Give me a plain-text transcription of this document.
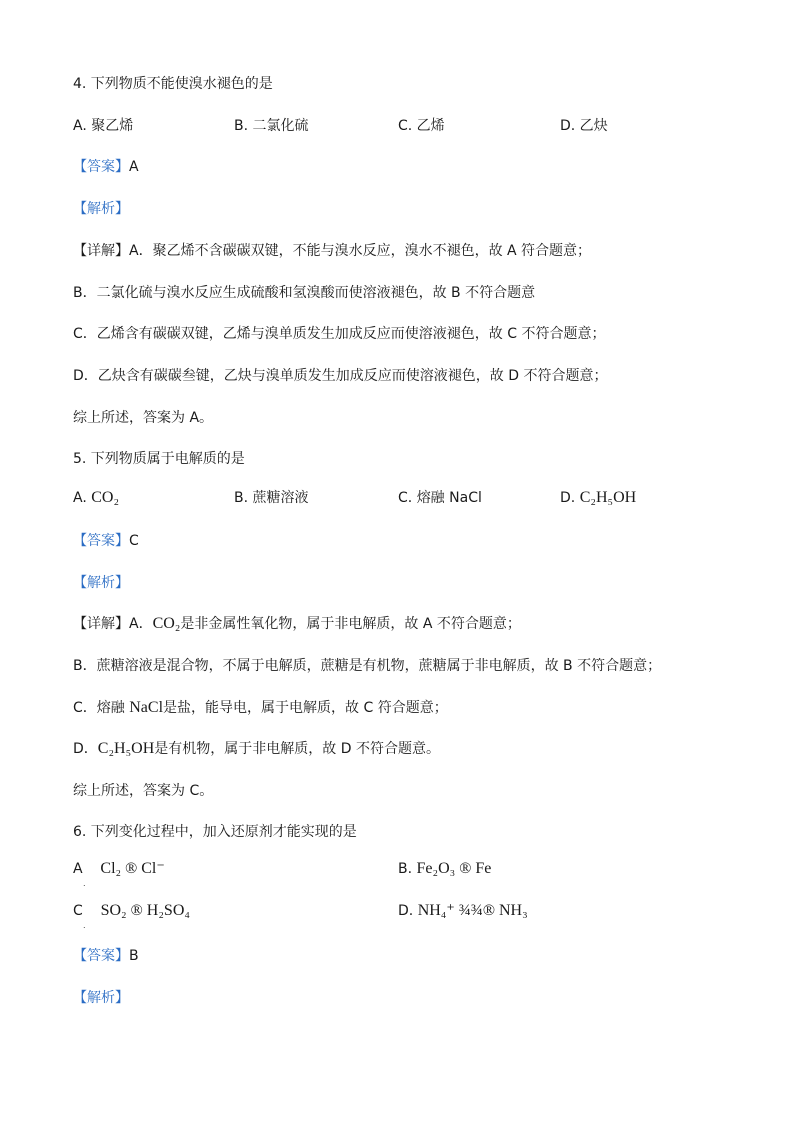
4. 下列物质不能使溴水褪色的是
A. 聚乙烯	B. 二氯化硫	C. 乙烯	D. 乙炔
【答案】A
【解析】
【详解】A．聚乙烯不含碳碳双键，不能与溴水反应，溴水不褪色，故 A 符合题意；
B．二氯化硫与溴水反应生成硫酸和氢溴酸而使溶液褪色，故 B 不符合题意
C．乙烯含有碳碳双键，乙烯与溴单质发生加成反应而使溶液褪色，故 C 不符合题意；
D．乙炔含有碳碳叁键，乙炔与溴单质发生加成反应而使溶液褪色，故 D 不符合题意；
综上所述，答案为 A。
5. 下列物质属于电解质的是
A. CO₂	B. 蔗糖溶液	C. 熔融 NaCl	D. C₂H₅OH
【答案】C
【解析】
【详解】A．CO₂是非金属性氧化物，属于非电解质，故 A 不符合题意；
B．蔗糖溶液是混合物，不属于电解质，蔗糖是有机物，蔗糖属于非电解质，故 B 不符合题意；
C．熔融 NaCl是盐，能导电，属于电解质，故 C 符合题意；
D．C₂H₅OH是有机物，属于非电解质，故 D 不符合题意。
综上所述，答案为 C。
6. 下列变化过程中，加入还原剂才能实现的是
A Cl₂ ® Cl⁻
.
B. Fe₂O₃ ® Fe
C SO₂ ® H₂SO₄
.
D. NH₄⁺ ¾¾® NH₃
【答案】B
【解析】
